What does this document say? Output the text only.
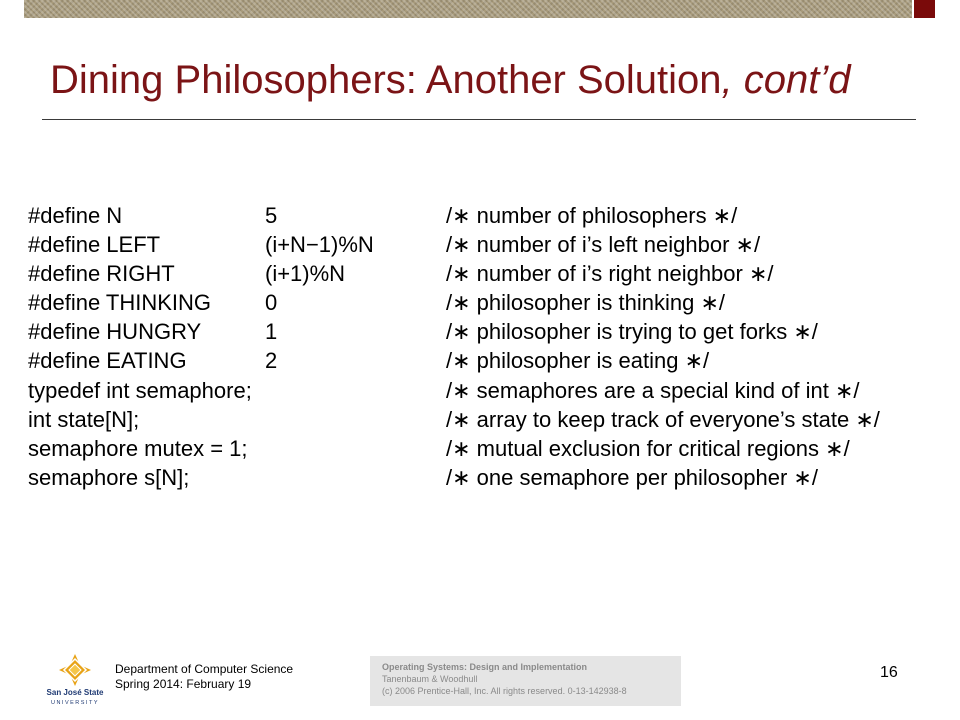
Dining Philosophers: Another Solution, cont’d
#define N	5	/∗ number of philosophers ∗/
#define LEFT	(i+N−1)%N	/∗ number of i’s left neighbor ∗/
#define RIGHT	(i+1)%N	/∗ number of i’s right neighbor ∗/
#define THINKING 0	/∗ philosopher is thinking ∗/
#define HUNGRY	1	/∗ philosopher is trying to get forks ∗/
#define EATING	2	/∗ philosopher is eating ∗/
typedef int semaphore;	/∗ semaphores are a special kind of int ∗/
int state[N];	/∗ array to keep track of everyone’s state ∗/
semaphore mutex = 1;	/∗ mutual exclusion for critical regions ∗/
semaphore s[N];	/∗ one semaphore per philosopher ∗/
San José State
UNIVERSITY
Department of Computer Science
Spring 2014: February 19
Operating Systems: Design and Implementation
Tanenbaum & Woodhull
(c) 2006 Prentice-Hall, Inc. All rights reserved. 0-13-142938-8
16
